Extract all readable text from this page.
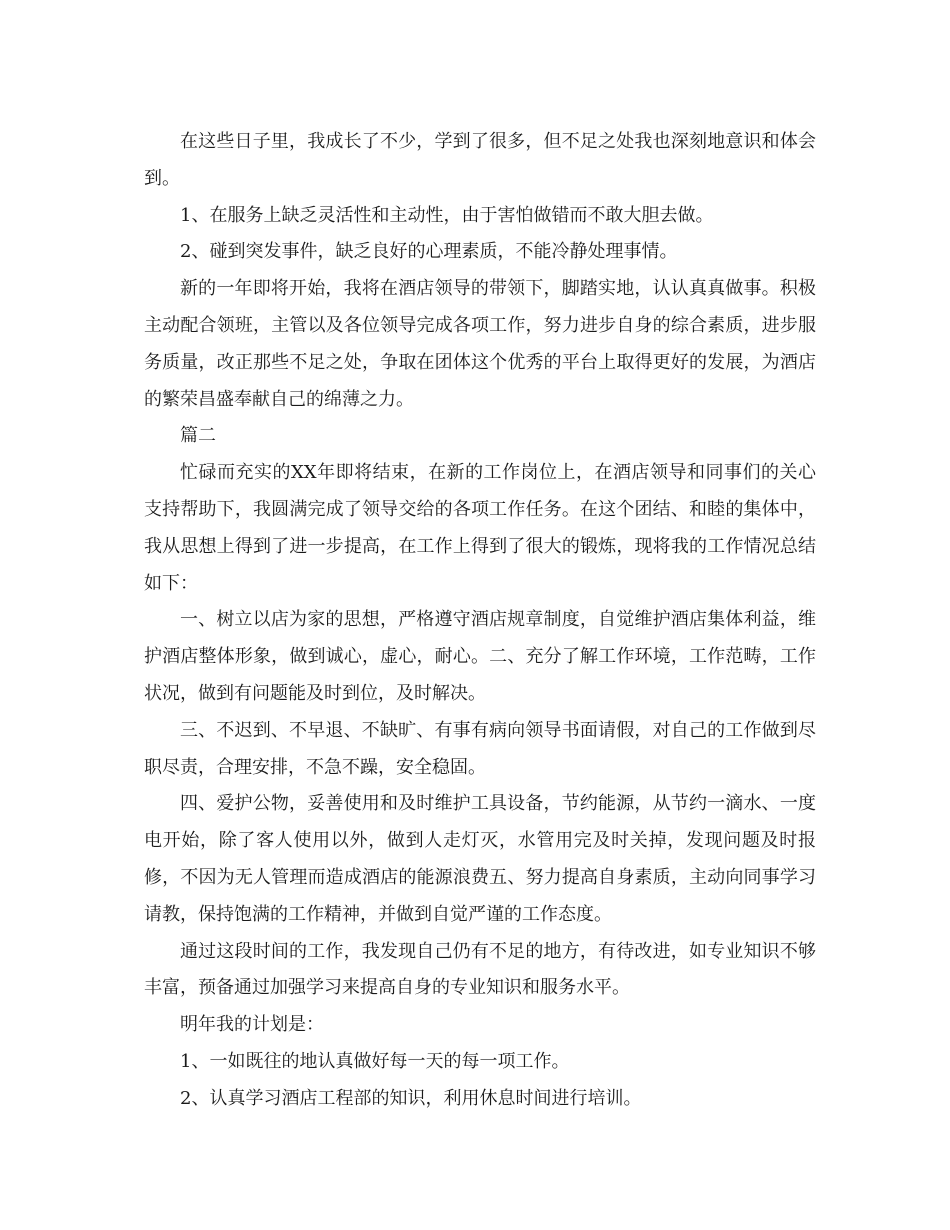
在这些日子里，我成长了不少，学到了很多，但不足之处我也深刻地意识和体会到。

1、在服务上缺乏灵活性和主动性，由于害怕做错而不敢大胆去做。

2、碰到突发事件，缺乏良好的心理素质，不能冷静处理事情。

新的一年即将开始，我将在酒店领导的带领下，脚踏实地，认认真真做事。积极主动配合领班，主管以及各位领导完成各项工作，努力进步自身的综合素质，进步服务质量，改正那些不足之处，争取在团体这个优秀的平台上取得更好的发展，为酒店的繁荣昌盛奉献自己的绵薄之力。

篇二

忙碌而充实的XX年即将结束，在新的工作岗位上，在酒店领导和同事们的关心支持帮助下，我圆满完成了领导交给的各项工作任务。在这个团结、和睦的集体中，我从思想上得到了进一步提高，在工作上得到了很大的锻炼，现将我的工作情况总结如下：

一、树立以店为家的思想，严格遵守酒店规章制度，自觉维护酒店集体利益，维护酒店整体形象，做到诚心，虚心，耐心。二、充分了解工作环境，工作范畴，工作状况，做到有问题能及时到位，及时解决。

三、不迟到、不早退、不缺旷、有事有病向领导书面请假，对自己的工作做到尽职尽责，合理安排，不急不躁，安全稳固。

四、爱护公物，妥善使用和及时维护工具设备，节约能源，从节约一滴水、一度电开始，除了客人使用以外，做到人走灯灭，水管用完及时关掉，发现问题及时报修，不因为无人管理而造成酒店的能源浪费五、努力提高自身素质，主动向同事学习请教，保持饱满的工作精神，并做到自觉严谨的工作态度。

通过这段时间的工作，我发现自己仍有不足的地方，有待改进，如专业知识不够丰富，预备通过加强学习来提高自身的专业知识和服务水平。

明年我的计划是：

1、一如既往的地认真做好每一天的每一项工作。

2、认真学习酒店工程部的知识，利用休息时间进行培训。
